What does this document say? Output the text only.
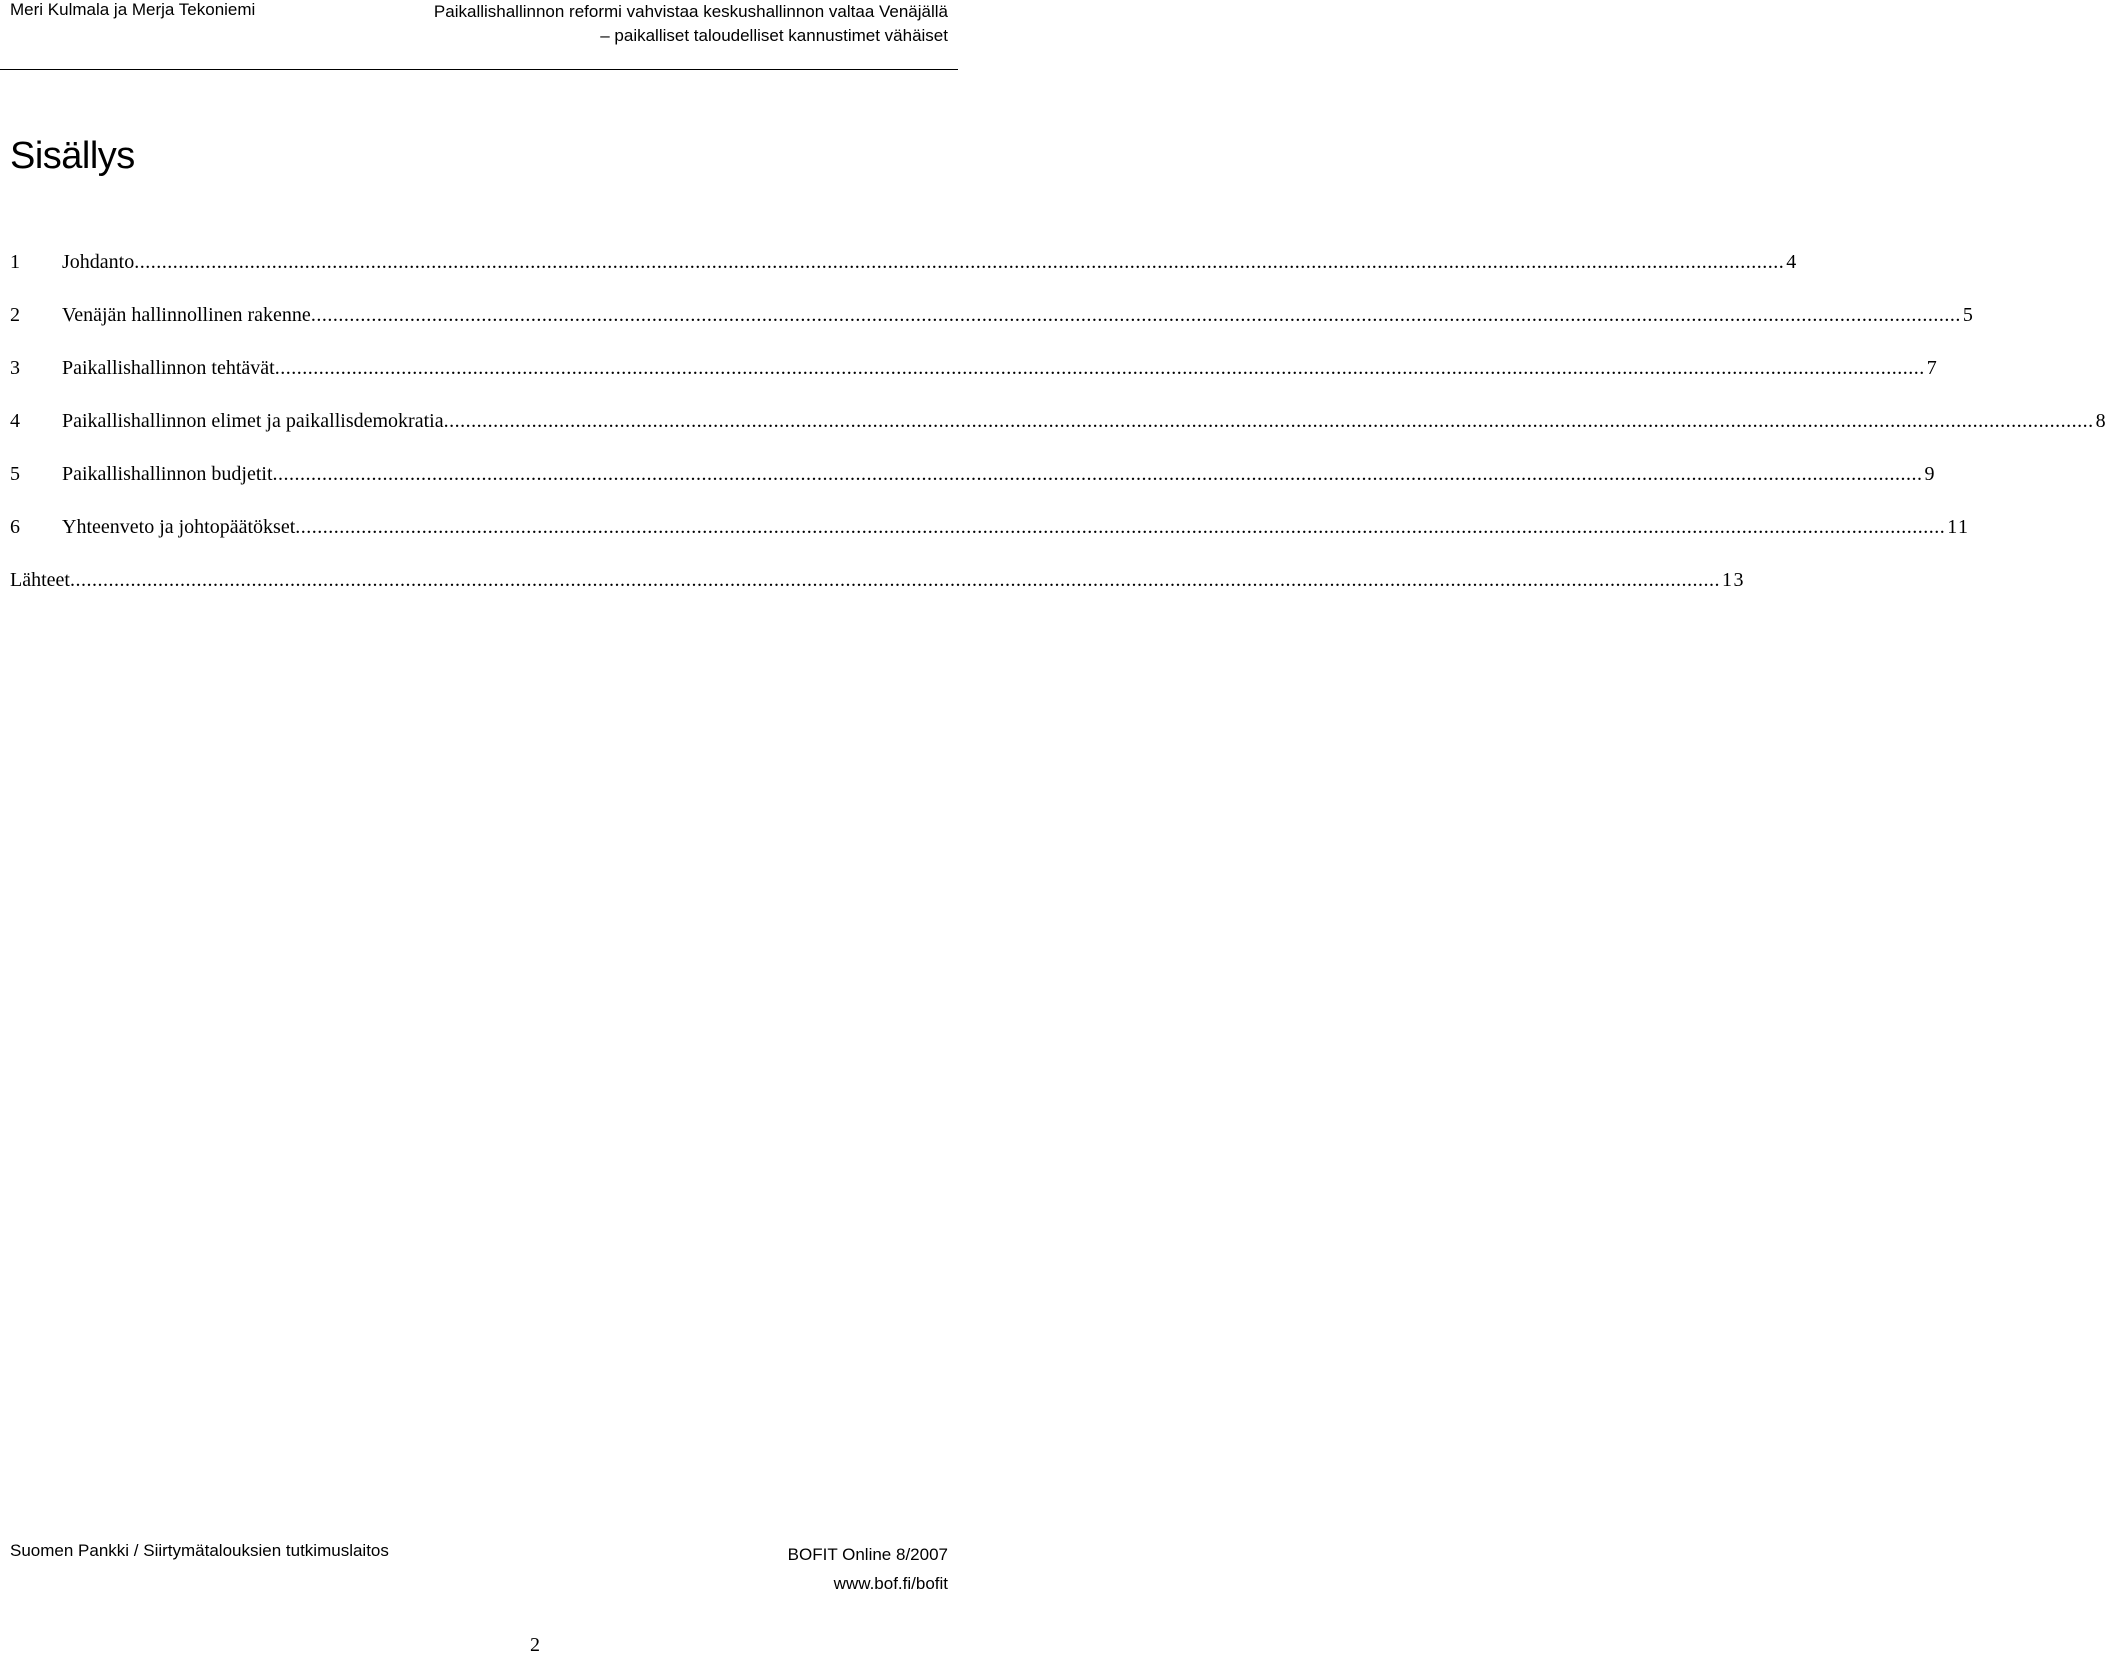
Meri Kulmala ja Merja Tekoniemi	Paikallishallinnon reformi vahvistaa keskushallinnon valtaa Venäjällä
– paikalliset taloudelliset kannustimet vähäiset
Sisällys
1	Johdanto ............................................................................................................................................................................................................................................................................................................ 4
2	Venäjän hallinnollinen rakenne ............................................................................................................................................................................................................................................................................................................ 5
3	Paikallishallinnon tehtävät ............................................................................................................................................................................................................................................................................................................ 7
4	Paikallishallinnon elimet ja paikallisdemokratia ............................................................................................................................................................................................................................................................................................................ 8
5	Paikallishallinnon budjetit ............................................................................................................................................................................................................................................................................................................ 9
6	Yhteenveto ja johtopäätökset ............................................................................................................................................................................................................................................................................................................ 11
Lähteet ............................................................................................................................................................................................................................................................................................................ 13
Suomen Pankki / Siirtymätalouksien tutkimuslaitos	BOFIT Online 8/2007
www.bof.fi/bofit
2
